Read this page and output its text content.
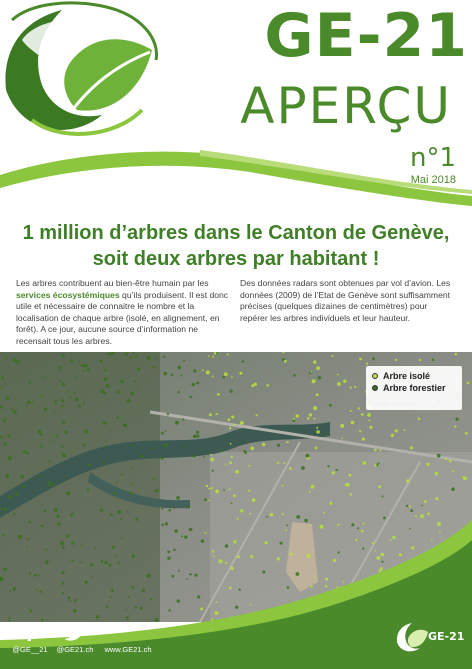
GE-21
APERÇU
n°1
Mai 2018
1 million d’arbres dans le Canton de Genève,
soit deux arbres par habitant !
Les arbres contribuent au bien-être humain par les services écosystémiques qu’ils produisent. Il est donc utile et nécessaire de connaitre le nombre et la localisation de chaque arbre (isolé, en alignement, en forêt). A ce jour, aucune source d’information ne recensait tous les arbres.
Des données radars sont obtenues par vol d’avion. Les données (2009) de l’Etat de Genève sont suffisamment précises (quelques dizaines de centimètres) pour repérer les arbres individuels et leur hauteur.
Arbre isolé
Arbre forestier
Image : swisstopo
@GE__21	@GE21.ch	www.GE21.ch
GE-21
